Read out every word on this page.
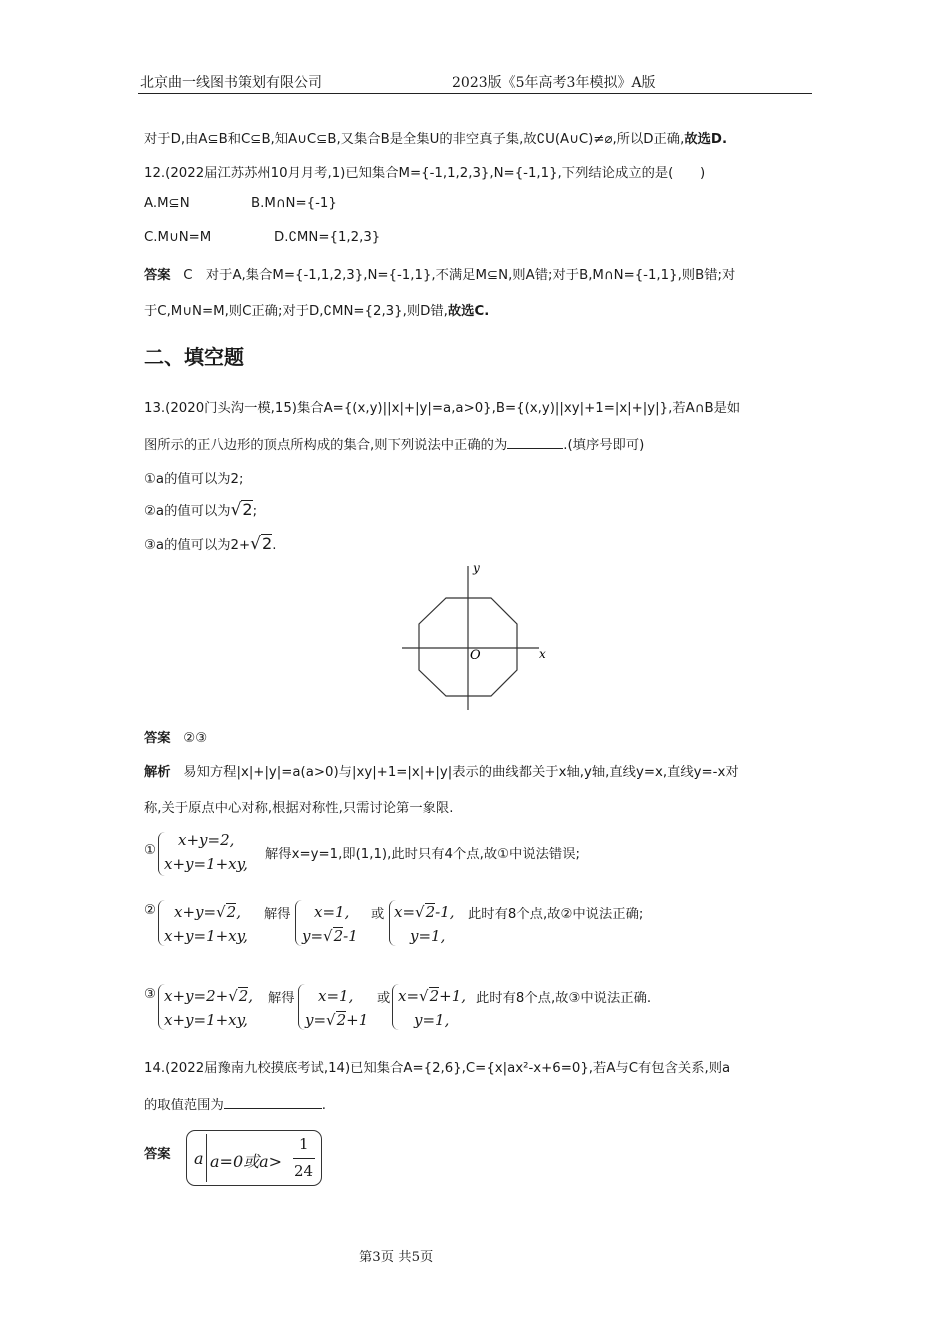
北京曲一线图书策划有限公司	2023版《5年高考3年模拟》A版
对于D,由A⊆B和C⊆B,知A∪C⊆B,又集合B是全集U的非空真子集,故∁U(A∪C)≠⌀,所以D正确,故选D.
12.(2022届江苏苏州10月月考,1)已知集合M={-1,1,2,3},N={-1,1},下列结论成立的是(　　)
A.M⊆N	B.M∩N={-1}
C.M∪N=M	D.∁MN={1,2,3}
答案 C　对于A,集合M={-1,1,2,3},N={-1,1},不满足M⊆N,则A错;对于B,M∩N={-1,1},则B错;对
于C,M∪N=M,则C正确;对于D,∁MN={2,3},则D错,故选C.
二、填空题
13.(2020门头沟一模,15)集合A={(x,y)||x|+|y|=a,a>0},B={(x,y)||xy|+1=|x|+|y|},若A∩B是如
图所示的正八边形的顶点所构成的集合,则下列说法中正确的为	.(填序号即可)
①a的值可以为2;
②a的值可以为√2;
③a的值可以为2+√2.
y
x
O
答案 ②③
解析 易知方程|x|+|y|=a(a>0)与|xy|+1=|x|+|y|表示的曲线都关于x轴,y轴,直线y=x,直线y=-x对
称,关于原点中心对称,根据对称性,只需讨论第一象限.
①
x+y=2,
x+y=1+xy,
解得x=y=1,即(1,1),此时只有4个点,故①中说法错误;
② x+y=√2,
x+y=1+xy,
解得 x=1,
y=√2-1
或 x=√2-1,
y=1,
此时有8个点,故②中说法正确;
③ x+y=2+√2,
x+y=1+xy,
解得 x=1,
y=√2+1
或 x=√2+1,
y=1,
此时有8个点,故③中说法正确.
14.(2022届豫南九校摸底考试,14)已知集合A={2,6},C={x|ax²-x+6=0},若A与C有包含关系,则a
的取值范围为	.
答案 a a=0或a>
1
24
第3页 共5页
